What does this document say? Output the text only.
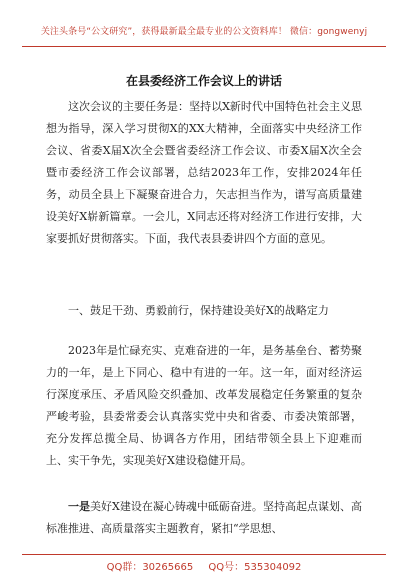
关注头条号“公文研究”，获得最新最全最专业的公文资料库！ 微信：gongwenyj
在县委经济工作会议上的讲话
这次会议的主要任务是：坚持以X新时代中国特色社会主义思想为指导，深入学习贯彻X的XX大精神，全面落实中央经济工作会议、省委X届X次全会暨省委经济工作会议、市委X届X次全会暨市委经济工作会议部署，总结2023年工作，安排2024年任务，动员全县上下凝聚奋进合力，矢志担当作为，谱写高质量建设美好X崭新篇章。一会儿，X同志还将对经济工作进行安排，大家要抓好贯彻落实。下面，我代表县委讲四个方面的意见。
一、鼓足干劲、勇毅前行，保持建设美好X的战略定力
2023年是忙碌充实、克难奋进的一年，是务基垒台、蓄势聚力的一年，是上下同心、稳中有进的一年。这一年，面对经济运行深度承压、矛盾风险交织叠加、改革发展稳定任务繁重的复杂严峻考验，县委常委会认真落实党中央和省委、市委决策部署，充分发挥总揽全局、协调各方作用，团结带领全县上下迎难而上、实干争先，实现美好X建设稳健开局。
一是美好X建设在凝心铸魂中砥砺奋进。坚持高起点谋划、高标准推进、高质量落实主题教育，紧扣“学思想、
QQ群：30265665 QQ号：535304092
